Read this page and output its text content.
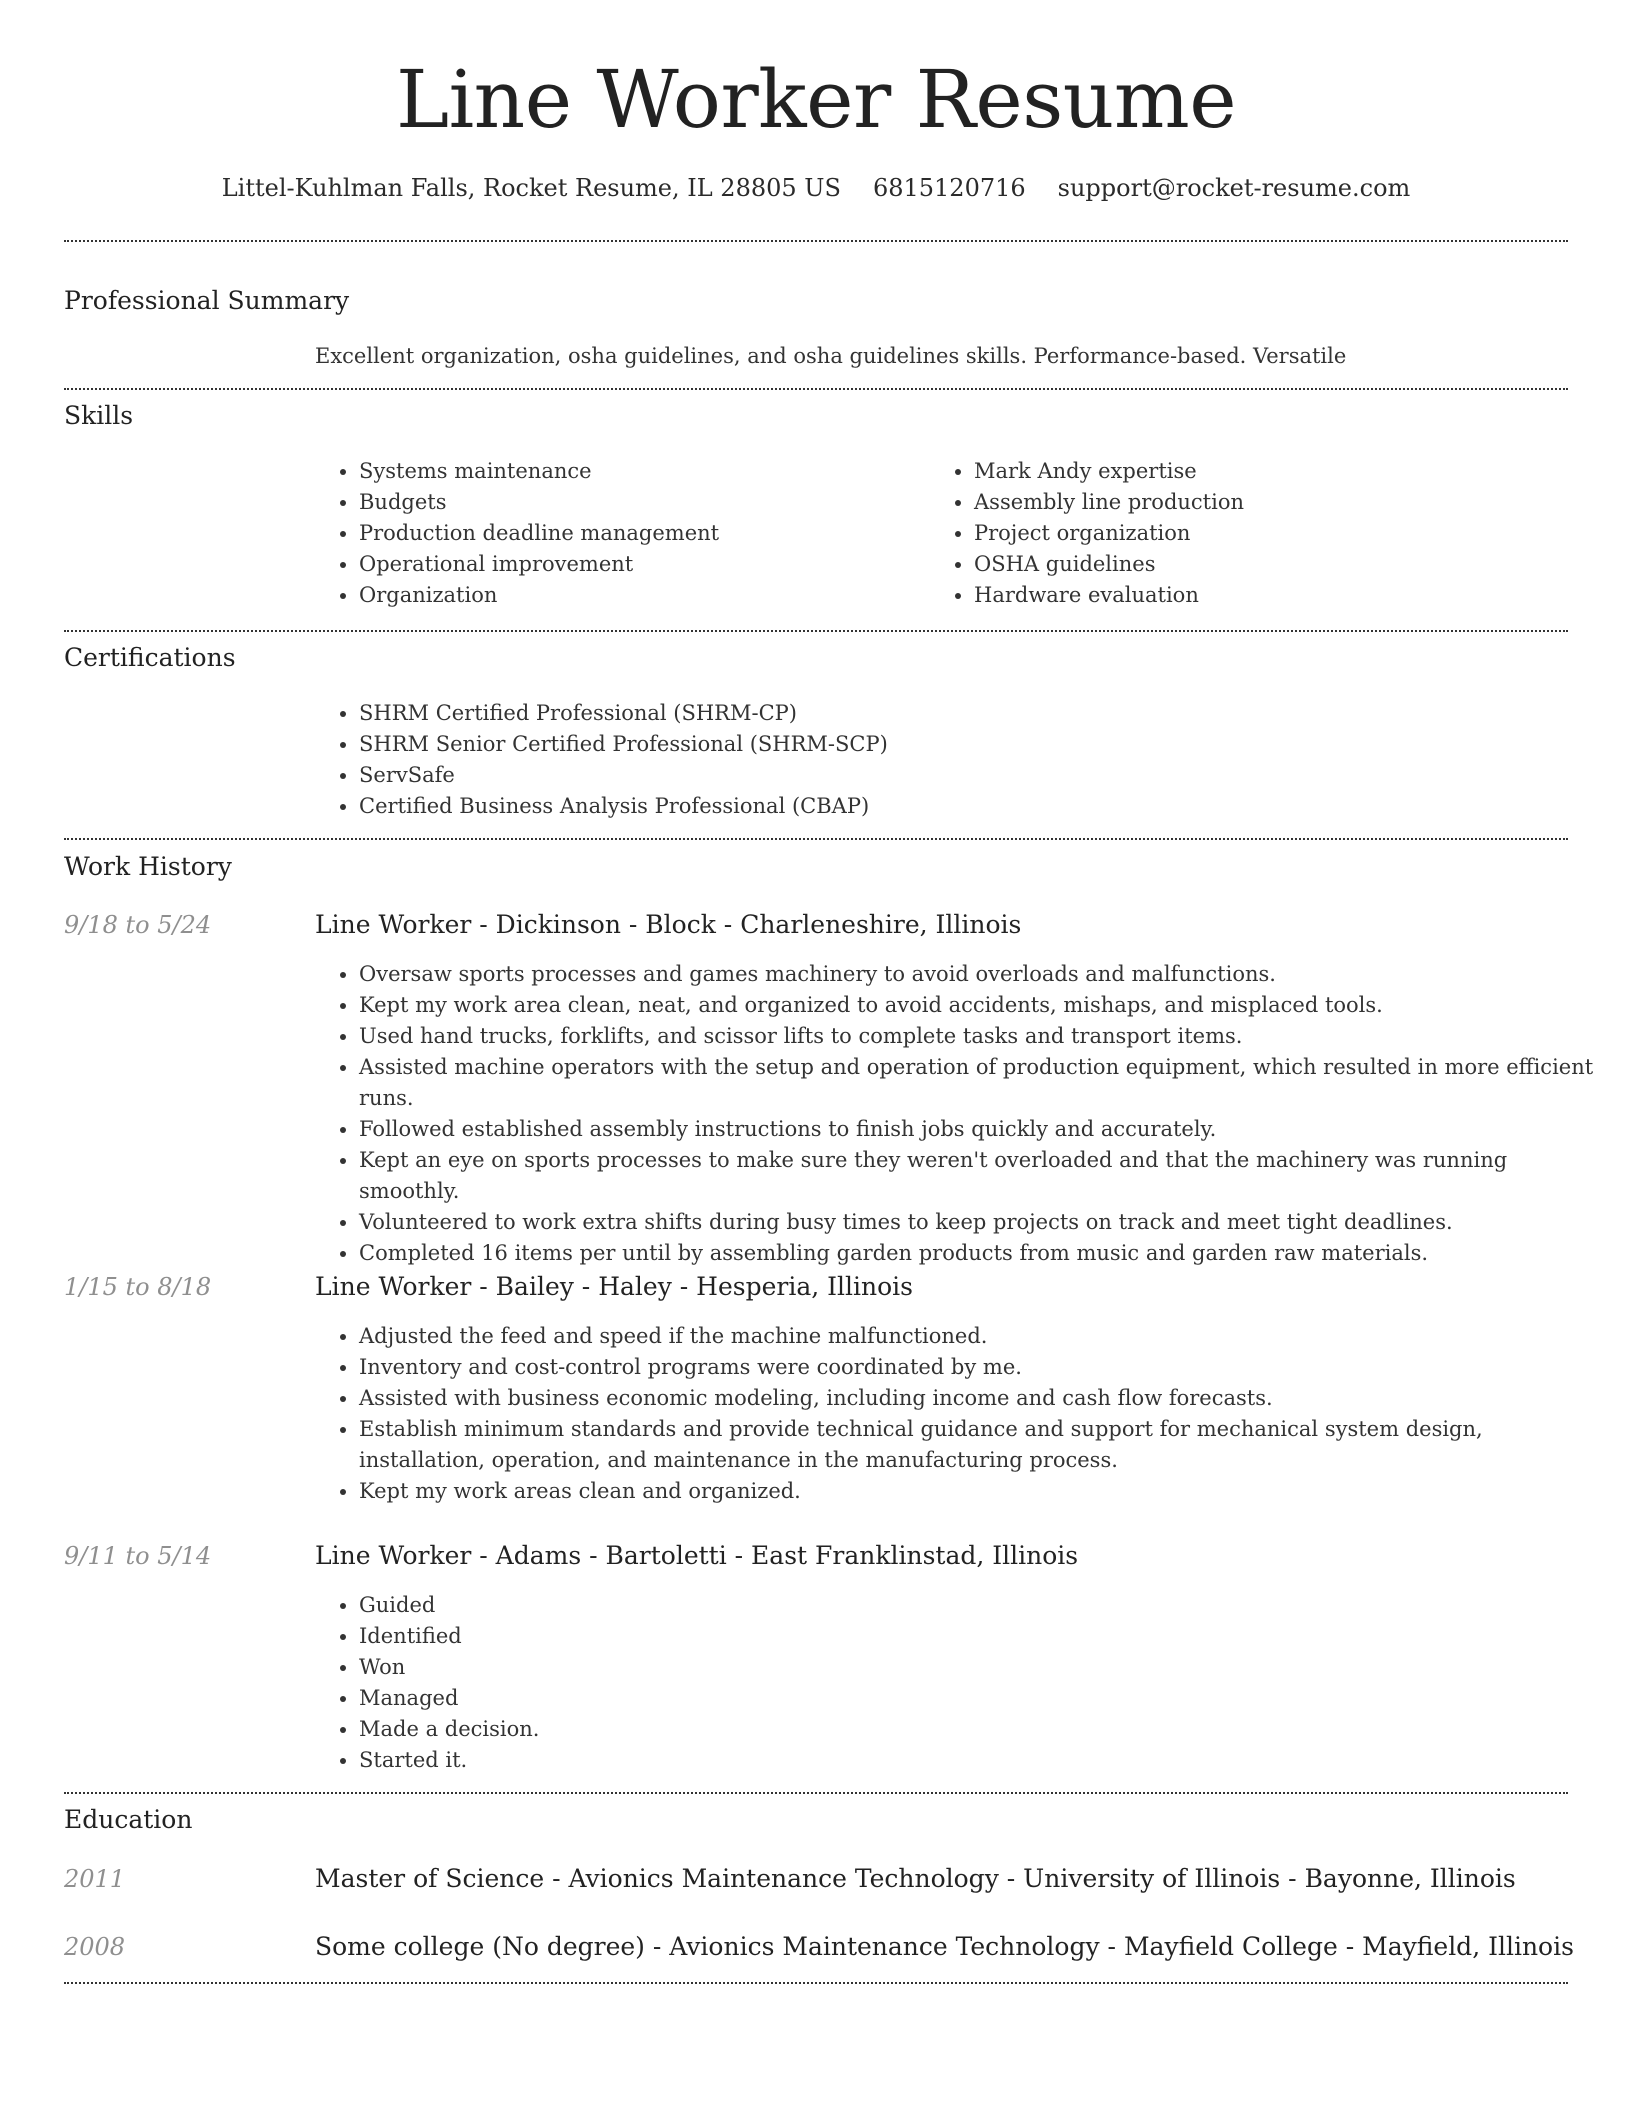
Line Worker Resume
Littel-Kuhlman Falls, Rocket Resume, IL 28805 US 6815120716 support@rocket-resume.com
Professional Summary
Excellent organization, osha guidelines, and osha guidelines skills. Performance-based. Versatile
Skills
• Systems maintenance
• Budgets
• Production deadline management
• Operational improvement
• Organization
• Mark Andy expertise
• Assembly line production
• Project organization
• OSHA guidelines
• Hardware evaluation
Certifications
• SHRM Certified Professional (SHRM-CP)
• SHRM Senior Certified Professional (SHRM-SCP)
• ServSafe
• Certified Business Analysis Professional (CBAP)
Work History
9/18 to 5/24	Line Worker - Dickinson - Block - Charleneshire, Illinois
• Oversaw sports processes and games machinery to avoid overloads and malfunctions.
• Kept my work area clean, neat, and organized to avoid accidents, mishaps, and misplaced tools.
• Used hand trucks, forklifts, and scissor lifts to complete tasks and transport items.
• Assisted machine operators with the setup and operation of production equipment, which resulted in more efficient runs.
• Followed established assembly instructions to finish jobs quickly and accurately.
• Kept an eye on sports processes to make sure they weren't overloaded and that the machinery was running smoothly.
• Volunteered to work extra shifts during busy times to keep projects on track and meet tight deadlines.
• Completed 16 items per until by assembling garden products from music and garden raw materials.
1/15 to 8/18	Line Worker - Bailey - Haley - Hesperia, Illinois
• Adjusted the feed and speed if the machine malfunctioned.
• Inventory and cost-control programs were coordinated by me.
• Assisted with business economic modeling, including income and cash flow forecasts.
• Establish minimum standards and provide technical guidance and support for mechanical system design, installation, operation, and maintenance in the manufacturing process.
• Kept my work areas clean and organized.
9/11 to 5/14	Line Worker - Adams - Bartoletti - East Franklinstad, Illinois
• Guided
• Identified
• Won
• Managed
• Made a decision.
• Started it.
Education
2011	Master of Science - Avionics Maintenance Technology - University of Illinois - Bayonne, Illinois
2008	Some college (No degree) - Avionics Maintenance Technology - Mayfield College - Mayfield, Illinois
